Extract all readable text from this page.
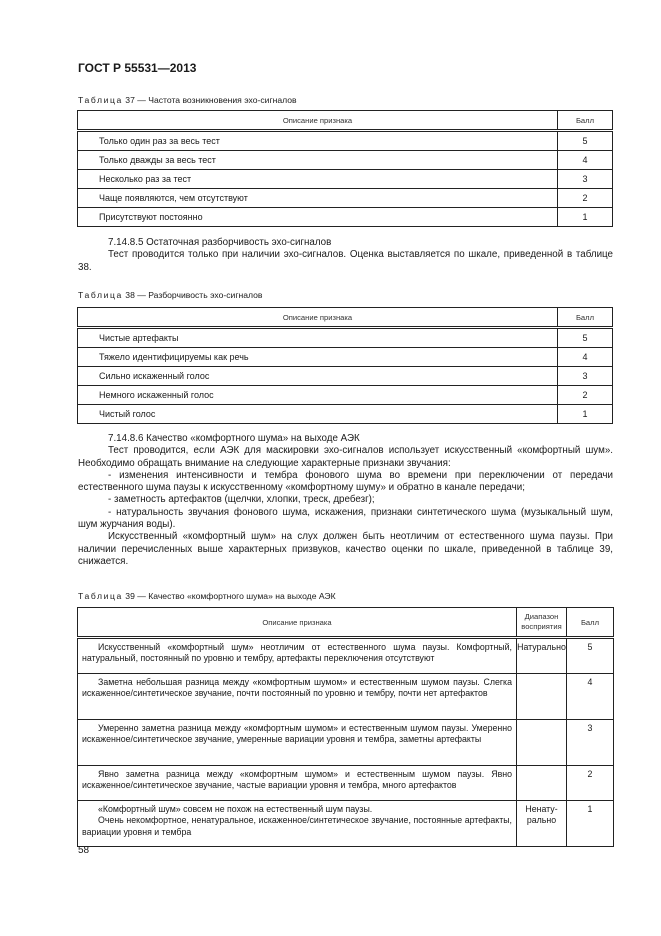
ГОСТ Р 55531—2013
Таблица 37 — Частота возникновения эхо-сигналов
Описание признака	Балл
Только один раз за весь тест	5
Только дважды за весь тест	4
Несколько раз за тест	3
Чаще появляются, чем отсутствуют	2
Присутствуют постоянно	1

7.14.8.5 Остаточная разборчивость эхо-сигналов

Тест проводится только при наличии эхо-сигналов. Оценка выставляется по шкале, приведенной в таблице 38.

Таблица 38 — Разборчивость эхо-сигналов
Описание признака	Балл
Чистые артефакты	5
Тяжело идентифицируемы как речь	4
Сильно искаженный голос	3
Немного искаженный голос	2
Чистый голос	1

7.14.8.6 Качество «комфортного шума» на выходе АЭК

Тест проводится, если АЭК для маскировки эхо-сигналов использует искусственный «комфортный шум». Необходимо обращать внимание на следующие характерные признаки звучания:

- изменения интенсивности и тембра фонового шума во времени при переключении от передачи естественного шума паузы к искусственному «комфортному шуму» и обратно в канале передачи;

- заметность артефактов (щелчки, хлопки, треск, дребезг);

- натуральность звучания фонового шума, искажения, признаки синтетического шума (музыкальный шум, шум журчания воды).

Искусственный «комфортный шум» на слух должен быть неотличим от естественного шума паузы. При наличии перечисленных выше характерных призвуков, качество оценки по шкале, приведенной в таблице 39, снижается.

Таблица 39 — Качество «комфортного шума» на выходе АЭК
Описание признака	Диапазон восприятия	Балл

Искусственный «комфортный шум» неотличим от естественного шума паузы. Комфортный, натуральный, постоянный по уровню и тембру, артефакты переключения отсутствуют	Натурально	5

Заметна небольшая разница между «комфортным шумом» и естественным шумом паузы. Слегка искаженное/синтетическое звучание, почти постоянный по уровню и тембру, почти нет артефактов		4

Умеренно заметна разница между «комфортным шумом» и естественным шумом паузы. Умеренно искаженное/синтетическое звучание, умеренные вариации уровня и тембра, заметны артефакты		3

Явно заметна разница между «комфортным шумом» и естественным шумом паузы. Явно искаженное/синтетическое звучание, частые вариации уровня и тембра, много артефактов		2

«Комфортный шум» совсем не похож на естественный шум паузы.

Очень некомфортное, ненатуральное, искаженное/синтетическое звучание, постоянные артефакты, вариации уровня и тембра	Ненату-рально	1
58
